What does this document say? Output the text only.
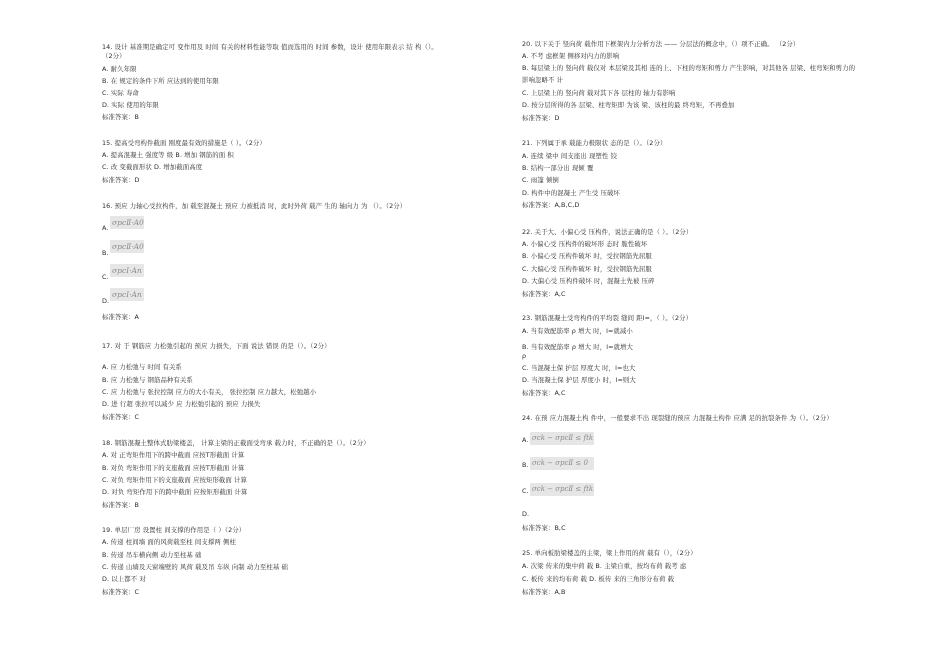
14. 设计 基准期是确定可 变作用及 时间 有关的材料性能等取 值而选用的 时间 参数，设计 使用年限表示 结 构（）。
（2分）
A. 耐久年限
B. 在 规定的条件下所 应达到的使用年限
C. 实际 寿命
D. 实际 使用的年限
标准答案：B
15. 提高受弯构件截面 刚度最有效的措施是（ ）。（2分）
A. 提高混凝土 强度等 级 B. 增加 钢筋的面 积
C. 改 变截面形状 D. 增加截面高度
标准答案：D
16. 预应 力轴心受拉构件，加 载至混凝土 预应 力被抵消 时，此时外荷 载产 生的 轴向力 为 （）。（2分）
A.
B.
C.
D.
标准答案：A
17. 对 于 钢筋应 力松弛引起的 预应 力损失，下面 说法 错误 的是（）。（2分）
A. 应 力松弛与 时间 有关系
B. 应 力松弛与 钢筋品种有关系
C. 应 力松弛与 张拉控制 应力的大小有关， 张拉控制 应力越大，松弛越小
D. 进 行超 张拉可以减少 应 力松弛引起的 预应 力损失
标准答案：C
18. 钢筋混凝土整体式肋梁楼盖， 计算主梁的正截面受弯承 载力时，不正确的是（）。（2分）
A. 对 正弯矩作用下的跨中截面 应按T形截面 计算
B. 对负 弯矩作用下的支座截面 应按T形截面 计算
C. 对负 弯矩作用下的支座截面 应按矩形截面 计算
D. 对负 弯矩作用下的跨中截面 应按矩形截面 计算
标准答案：B
19. 单层厂房 设置柱 间支撑的作用是（ ）（2分）
A. 传递 柱间墙 面的风荷载至柱 间支撑两 侧柱
B. 传递 吊车横向侧 动力至柱基 础
C. 传递 山墙及天窗端壁的 风荷 载及吊 车纵 向制 动力至柱基 础
D. 以上都不 对
标准答案：C
σpcⅡ·A0
σpcⅡ·A0
σpcⅠ·An
σpcⅠ·An
20. 以下关于 竖向荷 载作用下框架内力分析方法 —— 分层法的概念中，（）项不正确。 （2分）
A. 不考 虑框架 侧移对内力的影响
B. 每层梁上的 竖向荷 载仅对 本层梁及其相 连的上、下柱的弯矩和剪力 产生影响，对其他各 层梁、柱弯矩和剪力的
影响忽略不 计
C. 上层梁上的 竖向荷 载对其下各 层柱的 轴力有影响
D. 按分层所得的各 层梁、柱弯矩即 为该 梁、该柱的最 终弯矩，不再叠加
标准答案：D
21. 下列属于承 载能力极限状 态的是（）。（2分）
A. 连续 梁中 间支座出 现塑性 铰
B. 结构一部分出 现倾 覆
C. 雨篷 倾倒
D. 构件中的混凝土 产生受 压破坏
标准答案：A,B,C,D
22. 关于大、小偏心受 压构件，说法正确的是（ ）。（2分）
A. 小偏心受 压构件的破坏形 态时 脆性破坏
B. 小偏心受 压构件破坏 时，受拉钢筋先屈服
C. 大偏心受 压构件破坏 时，受拉钢筋先屈服
D. 大偏心受 压构件破坏 时，混凝土先被 压碎
标准答案：A,C
23. 钢筋混凝土受弯构件的平均裂 缝间 距l=，（ ）。（2分）
A. 当有效配筋率 ρ 增大 时，l=就减小
B. 当有效配筋率 ρ 增大 时，l=就增大
ρ
C. 当混凝土保 护层 厚度大 时，l=也大
D. 当混凝土保 护层 厚度小 时，l=则大
标准答案：A,C
24. 在预 应力混凝土构 件中，一般要求不出 现裂缝的预应 力混凝土构件 应满 足的抗裂条件 为（）。（2分）
A.
B.
C.
D.
标准答案：B,C
25. 单向板肋梁楼盖的主梁，梁上作用的荷 载有（），（2分）
A. 次梁 传来的集中荷 载 B. 主梁自重，按均布荷 载考 虑
C. 板传 来的均布荷 载 D. 板传 来的三角形分布荷 载
标准答案：A,B
σck − σpcⅡ ≤ ftk
σck − σpcⅡ ≤ 0
σck − σpcⅡ ≤ ftk
